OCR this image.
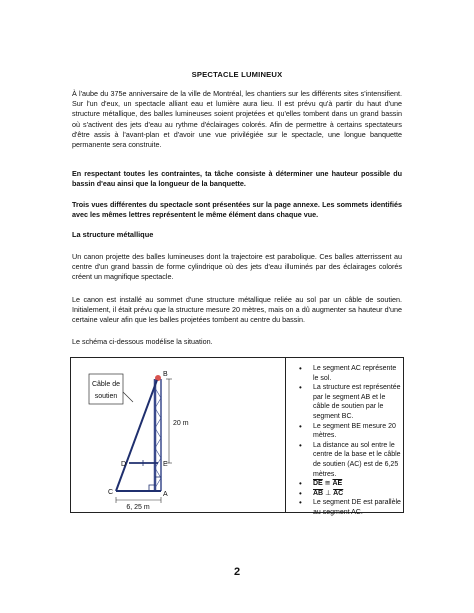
SPECTACLE LUMINEUX

À l'aube du 375e anniversaire de la ville de Montréal, les chantiers sur les différents sites s'intensifient. Sur l'un d'eux, un spectacle alliant eau et lumière aura lieu. Il est prévu qu'à partir du haut d'une structure métallique, des balles lumineuses soient projetées et qu'elles tombent dans un grand bassin où s'activent des jets d'eau au rythme d'éclairages colorés. Afin de permettre à certains spectateurs d'être assis à l'avant-plan et d'avoir une vue privilégiée sur le spectacle, une longue banquette permanente sera construite.

En respectant toutes les contraintes, ta tâche consiste à déterminer une hauteur possible du bassin d'eau ainsi que la longueur de la banquette.

Trois vues différentes du spectacle sont présentées sur la page annexe. Les sommets identifiés avec les mêmes lettres représentent le même élément dans chaque vue.

La structure métallique

Un canon projette des balles lumineuses dont la trajectoire est parabolique. Ces balles atterrissent au centre d'un grand bassin de forme cylindrique où des jets d'eau illuminés par des éclairages colorés créent un magnifique spectacle.

Le canon est installé au sommet d'une structure métallique reliée au sol par un câble de soutien. Initialement, il était prévu que la structure mesure 20 mètres, mais on a dû augmenter sa hauteur d'une certaine valeur afin que les balles projetées tombent au centre du bassin.

Le schéma ci-dessous modélise la situation.

Câble de
soutien
20 m
6, 25 m
B
D	E
C	A
• Le segment AC représente le sol.
• La structure est représentée par le segment AB et le câble de soutien par le segment BC.
• Le segment BE mesure 20 mètres.
• La distance au sol entre le centre de la base et le câble de soutien (AC) est de 6,25 mètres.
• $\overline{DE}$ ≅ $\overline{AE}$
• $\overline{AB}$ ⊥ $\overline{AC}$
• Le segment DE est parallèle au segment AC.
2
